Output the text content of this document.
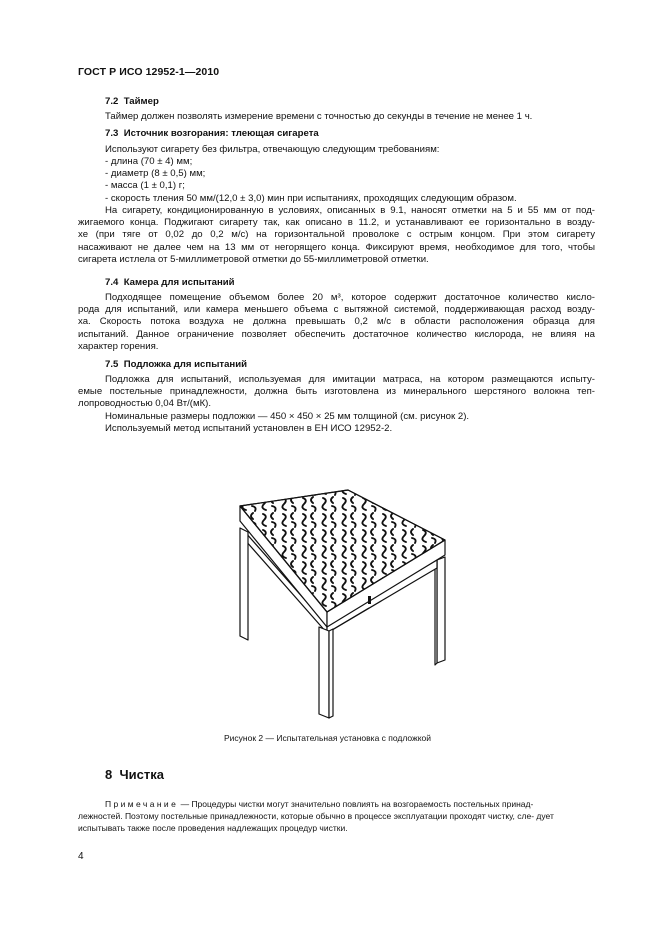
ГОСТ Р ИСО 12952-1—2010
7.2 Таймер
Таймер должен позволять измерение времени с точностью до секунды в течение не менее 1 ч.
7.3 Источник возгорания: тлеющая сигарета
Используют сигарету без фильтра, отвечающую следующим требованиям:
- длина (70 ± 4) мм;
- диаметр (8 ± 0,5) мм;
- масса (1 ± 0,1) г;
- скорость тления 50 мм/(12,0 ± 3,0) мин при испытаниях, проходящих следующим образом.
На сигарету, кондиционированную в условиях, описанных в 9.1, наносят отметки на 5 и 55 мм от под-
жигаемого конца. Поджигают сигарету так, как описано в 11.2, и устанавливают ее горизонтально в возду-
хе (при тяге от 0,02 до 0,2 м/с) на горизонтальной проволоке с острым концом. При этом сигарету
насаживают не далее чем на 13 мм от негорящего конца. Фиксируют время, необходимое для того, чтобы
сигарета истлела от 5-миллиметровой отметки до 55-миллиметровой отметки.
7.4 Камера для испытаний
Подходящее помещение объемом более 20 м³, которое содержит достаточное количество кисло-
рода для испытаний, или камера меньшего объема с вытяжной системой, поддерживающая расход возду-
ха. Скорость потока воздуха не должна превышать 0,2 м/с в области расположения образца для
испытаний. Данное ограничение позволяет обеспечить достаточное количество кислорода, не влияя на
характер горения.
7.5 Подложка для испытаний
Подложка для испытаний, используемая для имитации матраса, на котором размещаются испыту-
емые постельные принадлежности, должна быть изготовлена из минерального шерстяного волокна теп-
лопроводностью 0,04 Вт/(мК).
Номинальные размеры подложки — 450 × 450 × 25 мм толщиной (см. рисунок 2).
Используемый метод испытаний установлен в ЕН ИСО 12952-2.
Рисунок 2 — Испытательная установка с подложкой
8 Чистка
Примечание — Процедуры чистки могут значительно повлиять на возгораемость постельных принад-
лежностей. Поэтому постельные принадлежности, которые обычно в процессе эксплуатации проходят чистку, сле- дует испытывать также после проведения надлежащих процедур чистки.
4
